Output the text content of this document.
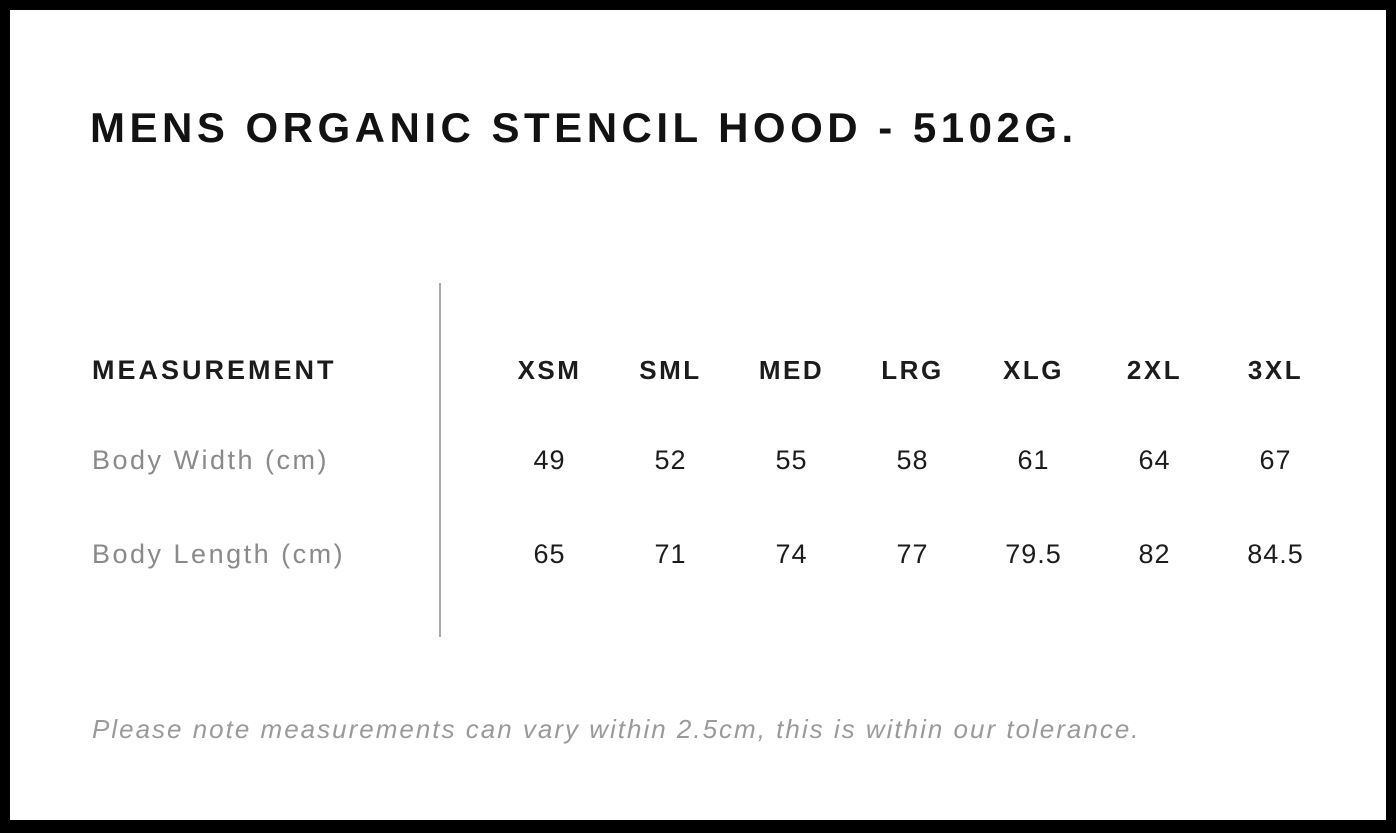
MENS ORGANIC STENCIL HOOD - 5102G.
MEASUREMENT	XSM	SML	MED	LRG	XLG	2XL	3XL
Body Width (cm)	49	52	55	58	61	64	67
Body Length (cm)	65	71	74	77	79.5	82	84.5
Please note measurements can vary within 2.5cm, this is within our tolerance.
